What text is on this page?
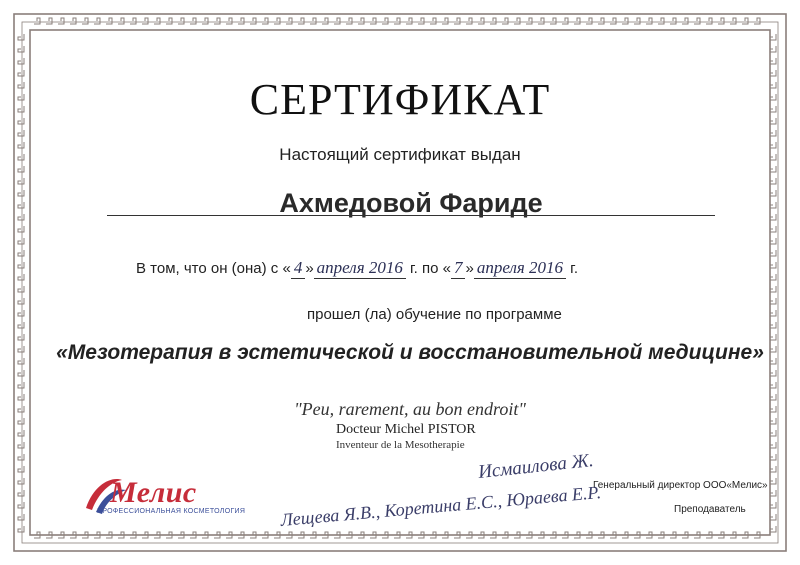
СЕРТИФИКАТ
Настоящий сертификат выдан
Ахмедовой Фариде
В том, что он (она) с « 4 » апреля 2016 г. по « 7 » апреля 2016 г.
прошел (ла) обучение по программе
«Мезотерапия в эстетической и восстановительной медицине»
"Peu, rarement, au bon endroit"
Docteur Michel PISTOR
Inventeur de la Mesotherapie
Исмаилова Ж.
Генеральный директор ООО«Мелис»
Лещева Я.В., Коретина Е.С., Юраева Е.Р.	Преподаватель
Мелис
ПРОФЕССИОНАЛЬНАЯ КОСМЕТОЛОГИЯ
